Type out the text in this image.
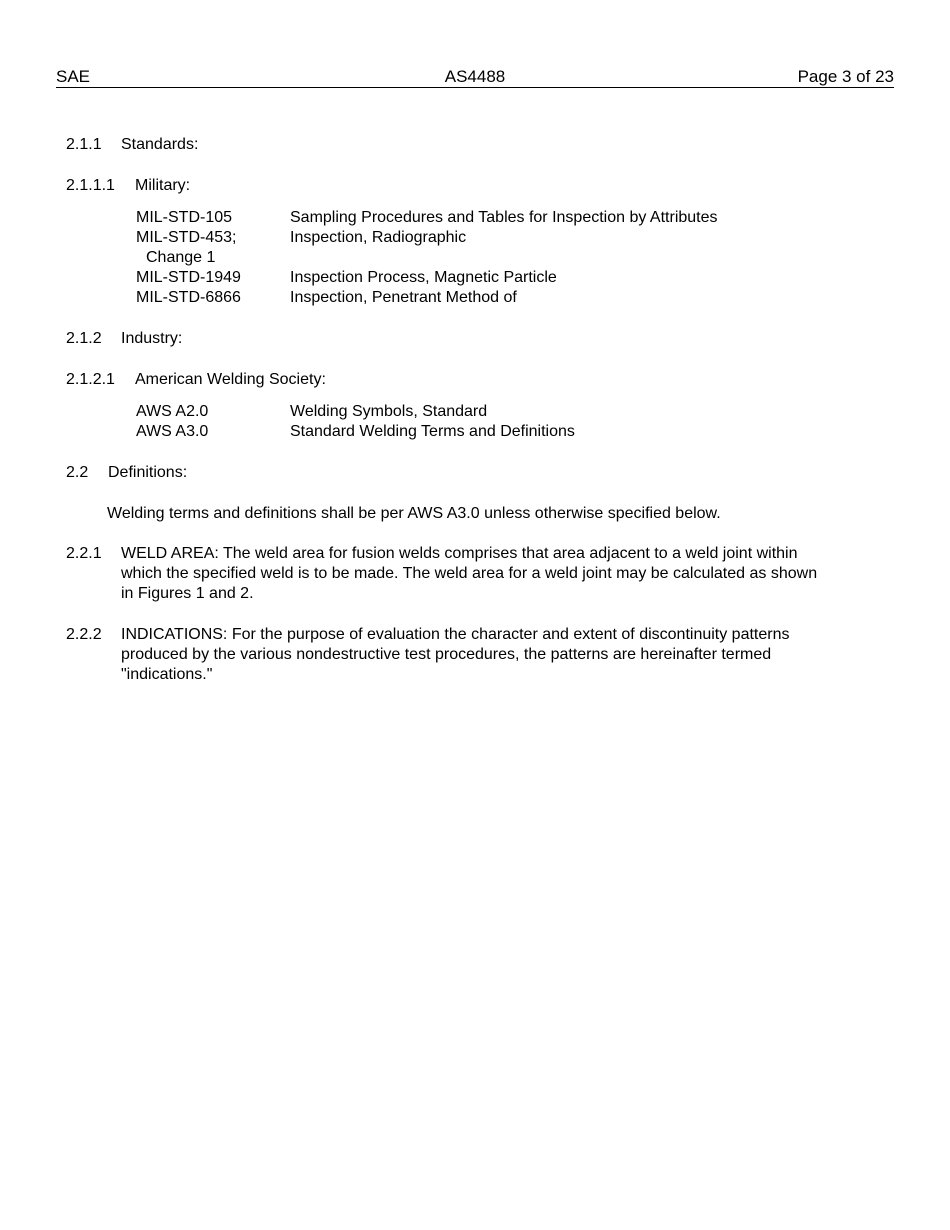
AS4488
SAE	Page 3 of 23
2.1.1 Standards:
2.1.1.1 Military:
MIL-STD-105	Sampling Procedures and Tables for Inspection by Attributes
MIL-STD-453;	Inspection, Radiographic
Change 1
MIL-STD-1949	Inspection Process, Magnetic Particle
MIL-STD-6866	Inspection, Penetrant Method of
2.1.2 Industry:
2.1.2.1 American Welding Society:
AWS A2.0	Welding Symbols, Standard
AWS A3.0	Standard Welding Terms and Definitions
2.2 Definitions:
Welding terms and definitions shall be per AWS A3.0 unless otherwise specified below.
2.2.1 WELD AREA: The weld area for fusion welds comprises that area adjacent to a weld joint within
which the specified weld is to be made. The weld area for a weld joint may be calculated as shown
in Figures 1 and 2.
2.2.2 INDICATIONS: For the purpose of evaluation the character and extent of discontinuity patterns
produced by the various nondestructive test procedures, the patterns are hereinafter termed
"indications."
